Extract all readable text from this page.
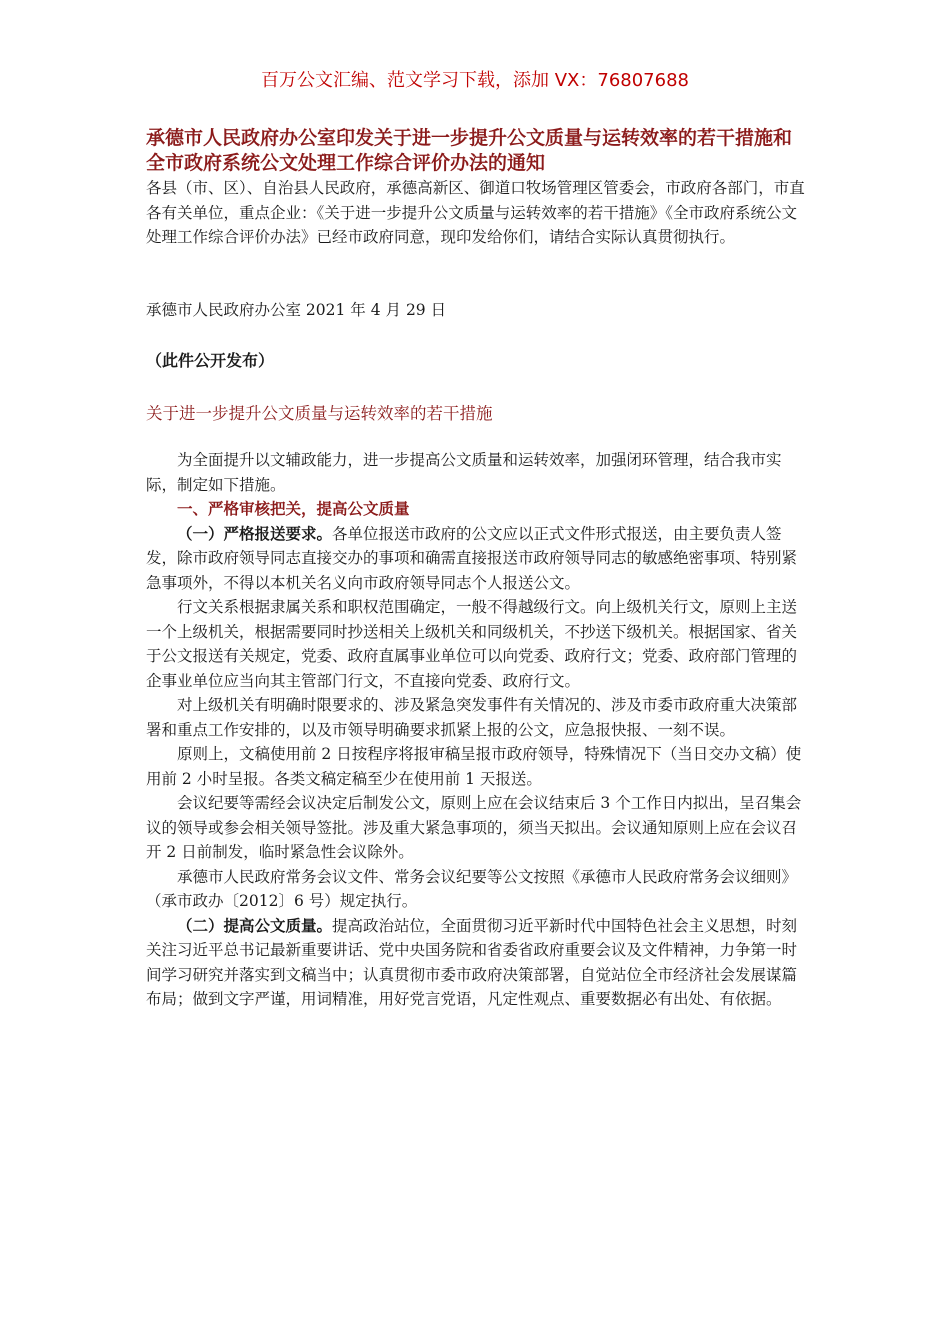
百万公文汇编、范文学习下载，添加 VX：76807688
承德市人民政府办公室印发关于进一步提升公文质量与运转效率的若干措施和全市政府系统公文处理工作综合评价办法的通知
各县（市、区）、自治县人民政府，承德高新区、御道口牧场管理区管委会，市政府各部门，市直各有关单位，重点企业：《关于进一步提升公文质量与运转效率的若干措施》《全市政府系统公文处理工作综合评价办法》已经市政府同意，现印发给你们，请结合实际认真贯彻执行。
承德市人民政府办公室 2021 年 4 月 29 日
（此件公开发布）
关于进一步提升公文质量与运转效率的若干措施

为全面提升以文辅政能力，进一步提高公文质量和运转效率，加强闭环管理，结合我市实际，制定如下措施。

一、严格审核把关，提高公文质量

（一）严格报送要求。各单位报送市政府的公文应以正式文件形式报送，由主要负责人签发，除市政府领导同志直接交办的事项和确需直接报送市政府领导同志的敏感绝密事项、特别紧急事项外，不得以本机关名义向市政府领导同志个人报送公文。

行文关系根据隶属关系和职权范围确定，一般不得越级行文。向上级机关行文，原则上主送一个上级机关，根据需要同时抄送相关上级机关和同级机关，不抄送下级机关。根据国家、省关于公文报送有关规定，党委、政府直属事业单位可以向党委、政府行文；党委、政府部门管理的企事业单位应当向其主管部门行文，不直接向党委、政府行文。

对上级机关有明确时限要求的、涉及紧急突发事件有关情况的、涉及市委市政府重大决策部署和重点工作安排的，以及市领导明确要求抓紧上报的公文，应急报快报、一刻不误。

原则上，文稿使用前 2 日按程序将报审稿呈报市政府领导，特殊情况下（当日交办文稿）使用前 2 小时呈报。各类文稿定稿至少在使用前 1 天报送。

会议纪要等需经会议决定后制发公文，原则上应在会议结束后 3 个工作日内拟出，呈召集会议的领导或参会相关领导签批。涉及重大紧急事项的，须当天拟出。会议通知原则上应在会议召开 2 日前制发，临时紧急性会议除外。

承德市人民政府常务会议文件、常务会议纪要等公文按照《承德市人民政府常务会议细则》（承市政办〔2012〕6 号）规定执行。

（二）提高公文质量。提高政治站位，全面贯彻习近平新时代中国特色社会主义思想，时刻关注习近平总书记最新重要讲话、党中央国务院和省委省政府重要会议及文件精神，力争第一时间学习研究并落实到文稿当中；认真贯彻市委市政府决策部署，自觉站位全市经济社会发展谋篇布局；做到文字严谨，用词精准，用好党言党语，凡定性观点、重要数据必有出处、有依据。
